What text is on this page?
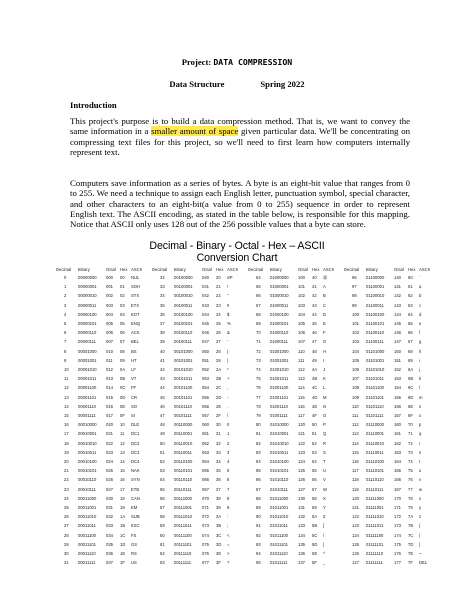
Project: DATA COMPRESSION
Data Structure	Spring 2022
Introduction
This project's purpose is to build a data compression method. That is, we want to convey the same information in a smaller amount of space given particular data. We'll be concentrating on compressing text files for this project, so we'll need to first learn how computers internally represent text.
Computers save information as a series of bytes. A byte is an eight-bit value that ranges from 0 to 255. We need a technique to assign each English letter, punctuation symbol, special character, and other characters to an eight-bit(a value from 0 to 255) sequence in order to represent English text. The ASCII encoding, as stated in the table below, is responsible for this mapping. Notice that ASCII only uses 128 out of the 256 possible values that a byte can store.
Decimal - Binary - Octal - Hex – ASCII
Conversion Chart
Decimal Binary	Octal Hex ASCII Decimal Binary	Octal Hex ASCII Decimal Binary	Octal Hex ASCII Decimal Binary	Octal Hex ASCII
0	00000000 000 00 NUL
1	00000001 001 01 SOH
2	00000010 002 02 STX
3	00000011 003 03 ETX
4	00000100 004 04 EOT
5	00000101 005 05 ENQ
6	00000110 006 06 ACK
7	00000111 007 07 BEL
8	00001000 010 08 BS
9	00001001 011 09 HT
10 00001010 012 0A LF
11 00001011 013 0B VT
12 00001100 014 0C FF
13 00001101 015 0D CR
14 00001110 016 0E SO
15 00001111 017 0F SI
16 00010000 020 10 DLE
17 00010001 021 11 DC1
18 00010010 022 12 DC2
19 00010011 023 13 DC3
20 00010100 024 14 DC4
21 00010101 025 15 NAK
22 00010110 026 16 SYN
23 00010111 027 17 ETB
24 00011000 030 18 CAN
25 00011001 031 19 EM
26 00011010 032 1A SUB
27 00011011 033 1B ESC
28 00011100 034 1C FS
29 00011101 035 1D GS
30 00011110 036 1E RS
31 00011111	037 1F US
32 00100000 040 20 SP
33 00100001 041 21 !
34 00100010 042 22 "
35 00100011 043 23 #
36 00100100 044 24 $
37 00100101 045 25 %
38 00100110 046 26 &
39 00100111 047 27 '
40 00101000 050 28 (
41 00101001 051 29 )
42 00101010 052 2A *
43 00101011 053 2B +
44 00101100 054 2C ,
45 00101101 055 2D -
46 00101110 056 2E .
47 00101111 057 2F /
48 00110000 060 30 0
49 00110001 061 31 1
50 00110010 062 32 2
51 00110011 063 33 3
52 00110100 064 34 4
53 00110101 065 35 5
54 00110110 066 36 6
55 00110111 067 37 7
56 00111000 070 38 8
57 00111001 071 39 9
58 00111010 072 3A :
59 00111011 073 3B ;
60 00111100 074 3C <
61 00111101 075 3D =
62 00111110	076 3E >
63 00111111	077 3F ?
64 01000000 100 40 @
65 01000001 101 41 A
66 01000010 102 42 B
67 01000011 103 43 C
68 01000100 104 44 D
69 01000101 105 45 E
70 01000110 106 46 F
71 01000111 107 47 G
72 01001000 110 48 H
73 01001001 111 49 I
74 01001010 112 4A J
75 01001011 113 4B K
76 01001100 114 4C L
77 01001101 115 4D M
78 01001110 116 4E N
79 01001111 117 4F O
80 01010000 120 50 P
81 01010001 121 51 Q
82 01010010 122 52 R
83 01010011 123 53 S
84 01010100 124 54 T
85 01010101 125 55 U
86 01010110 126 56 V
87 01010111 127 57 W
88 01011000 130 58 X
89 01011001 131 59 Y
90 01011010 132 5A Z
91 01011011 133 5B [
92 01011100 134 5C \
93 01011101 135 5D ]
94 01011110 136 5E ^
95 01011111	137 5F _
96 01100000 140 60 `
97 01100001 141 61 a
98 01100010 142 62 b
99 01100011 143 63 c
100 01100100 144 64 d
101 01100101 145 65 e
102 01100110 146 66 f
103 01100111 147 67 g
104 01101000 150 68 h
105 01101001 151 69 i
106 01101010 152 6A j
107 01101011 153 6B k
108 01101100 154 6C l
109 01101101 155 6D m
110 01101110 156 6E n
111 01101111	157 6F o
112 01110000 160 70 p
113 01110001 161 71 q
114 01110010 162 72 r
115 01110011 163 73 s
116 01110100 164 74 t
117 01110101 165 75 u
118 01110110 166 76 v
119 01110111	167 77 w
120 01111000 170 78 x
121 01111001 171 79 y
122 01111010 172 7A z
123 01111011	173 7B {
124 01111100	174 7C |
125 01111101	175 7D }
126 01111110	176 7E ~
127 01111111	177 7F DEL
